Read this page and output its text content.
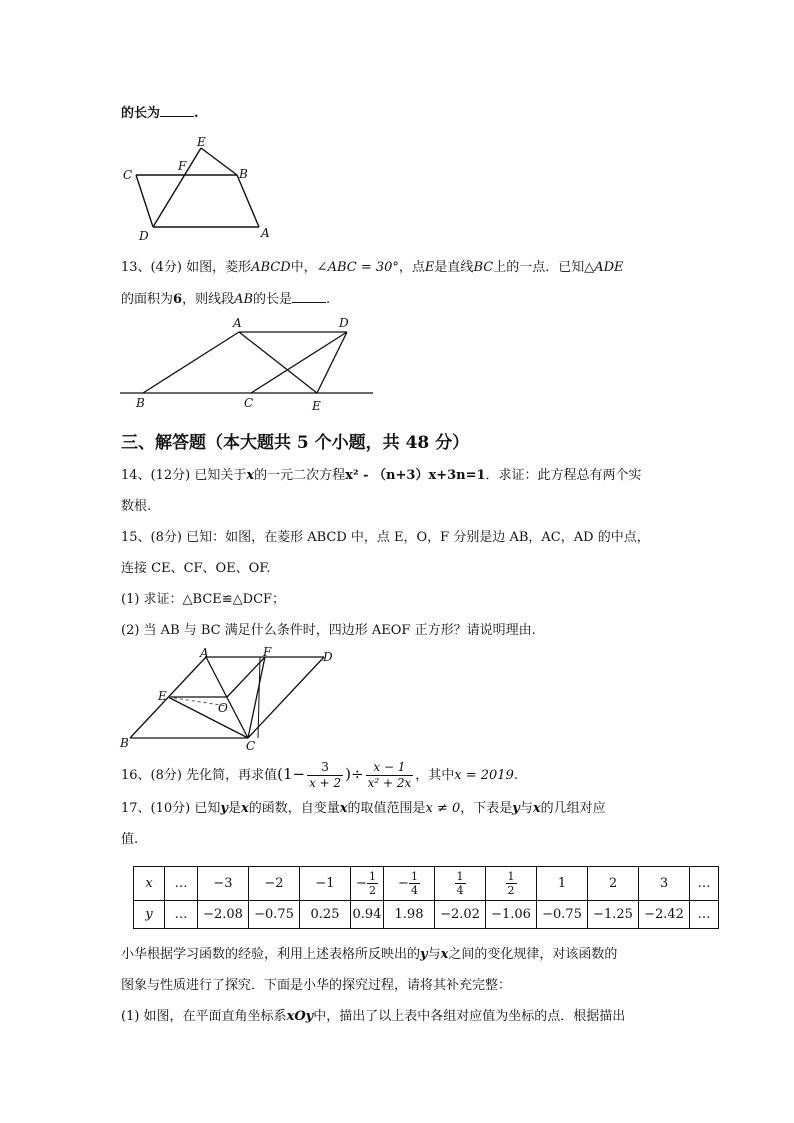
的长为	.
E
F
B
C
D	A
13、(4分) 如图，菱形ABCD中，∠ABC = 30°，点E是直线BC上的一点．已知△ADE
的面积为6，则线段AB的长是	.
A	D
B	C	E
三、解答题（本大题共 5 个小题，共 48 分）
14、(12分) 已知关于x的一元二次方程x² - （n+3）x+3n=1．求证：此方程总有两个实
数根.
15、(8分) 已知：如图，在菱形 ABCD 中，点 E，O，F 分别是边 AB，AC，AD 的中点，
连接 CE、CF、OE、OF.
(1) 求证：△BCE≌△DCF；
(2) 当 AB 与 BC 满足什么条件时，四边形 AEOF 正方形？请说明理由.
A	F	D
E
O
B	C
16、(8分) 先化简，再求值($1- \frac{3}{x + 2}$ )÷ $\frac{x - 1}{\text{x² + 2x}}$ ，其中x = 2019.
17、(10分) 已知y是x的函数，自变量x的取值范围是x ≠ 0，下表是y与x的几组对应
值.
x	…	−3	−2	−1	− $\frac{1}{2}$	− $\frac{1}{4}$	$\frac{1}{4}$	$\frac{1}{2}$	1	2	3	…
y	…	−2.08	−0.75	0.25	0.94	1.98	−2.02	−1.06	−0.75	−1.25	−2.42	…
小华根据学习函数的经验，利用上述表格所反映出的y与x之间的变化规律，对该函数的
图象与性质进行了探究．下面是小华的探究过程，请将其补充完整：
(1) 如图，在平面直角坐标系xOy中，描出了以上表中各组对应值为坐标的点．根据描出
